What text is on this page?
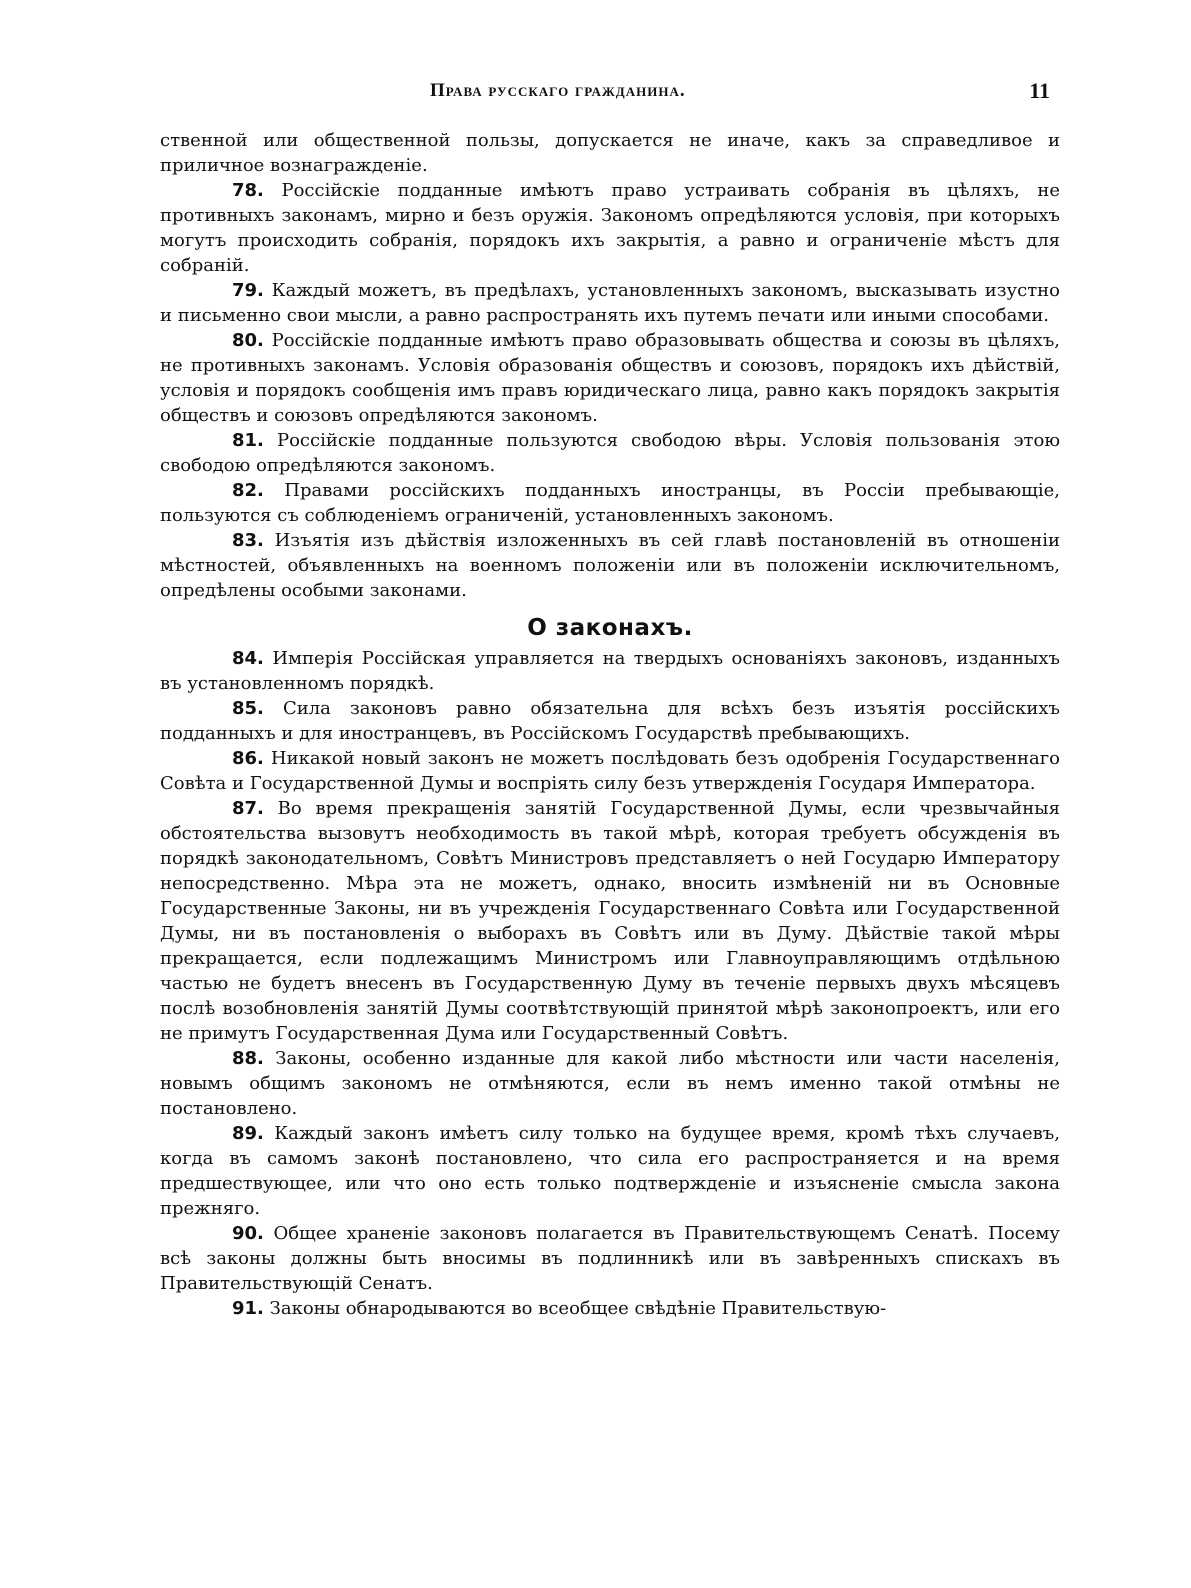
Права русскаго гражданина.	11

ственной или общественной пользы, допускается не иначе, какъ за справедливое и приличное вознагражденіе.

78. Россійскіе подданные имѣютъ право устраивать собранія въ цѣляхъ, не противныхъ законамъ, мирно и безъ оружія. Закономъ опредѣляются условія, при которыхъ могутъ происходить собранія, порядокъ ихъ закрытія, а равно и ограниченіе мѣстъ для собраній.

79. Каждый можетъ, въ предѣлахъ, установленныхъ закономъ, высказывать изустно и письменно свои мысли, а равно распространять ихъ путемъ печати или иными способами.

80. Россійскіе подданные имѣютъ право образовывать общества и союзы въ цѣляхъ, не противныхъ законамъ. Условія образованія обществъ и союзовъ, порядокъ ихъ дѣйствій, условія и порядокъ сообщенія имъ правъ юридическаго лица, равно какъ порядокъ закрытія обществъ и союзовъ опредѣляются закономъ.

81. Россійскіе подданные пользуются свободою вѣры. Условія пользованія этою свободою опредѣляются закономъ.

82. Правами россійскихъ подданныхъ иностранцы, въ Россіи пребывающіе, пользуются съ соблюденіемъ ограниченій, установленныхъ закономъ.

83. Изъятія изъ дѣйствія изложенныхъ въ сей главѣ постановленій въ отношеніи мѣстностей, объявленныхъ на военномъ положеніи или въ положеніи исключительномъ, опредѣлены особыми законами.

О законахъ.

84. Имперія Россійская управляется на твердыхъ основаніяхъ законовъ, изданныхъ въ установленномъ порядкѣ.

85. Сила законовъ равно обязательна для всѣхъ безъ изъятія россійскихъ подданныхъ и для иностранцевъ, въ Россійскомъ Государствѣ пребывающихъ.

86. Никакой новый законъ не можетъ послѣдовать безъ одобренія Государственнаго Совѣта и Государственной Думы и воспріять силу безъ утвержденія Государя Императора.

87. Во время прекращенія занятій Государственной Думы, если чрезвычайныя обстоятельства вызовутъ необходимость въ такой мѣрѣ, которая требуетъ обсужденія въ порядкѣ законодательномъ, Совѣтъ Министровъ представляетъ о ней Государю Императору непосредственно. Мѣра эта не можетъ, однако, вносить измѣненій ни въ Основные Государственные Законы, ни въ учрежденія Государственнаго Совѣта или Государственной Думы, ни въ постановленія о выборахъ въ Совѣтъ или въ Думу. Дѣйствіе такой мѣры прекращается, если подлежащимъ Министромъ или Главноуправляющимъ отдѣльною частью не будетъ внесенъ въ Государственную Думу въ теченіе первыхъ двухъ мѣсяцевъ послѣ возобновленія занятій Думы соотвѣтствующій принятой мѣрѣ законопроектъ, или его не примутъ Государственная Дума или Государственный Совѣтъ.

88. Законы, особенно изданные для какой либо мѣстности или части населенія, новымъ общимъ закономъ не отмѣняются, если въ немъ именно такой отмѣны не постановлено.

89. Каждый законъ имѣетъ силу только на будущее время, кромѣ тѣхъ случаевъ, когда въ самомъ законѣ постановлено, что сила его распространяется и на время предшествующее, или что оно есть только подтвержденіе и изъясненіе смысла закона прежняго.

90. Общее храненіе законовъ полагается въ Правительствующемъ Сенатѣ. Посему всѣ законы должны быть вносимы въ подлинникѣ или въ завѣренныхъ спискахъ въ Правительствующій Сенатъ.

91. Законы обнародываются во всеобщее свѣдѣніе Правительствую-
